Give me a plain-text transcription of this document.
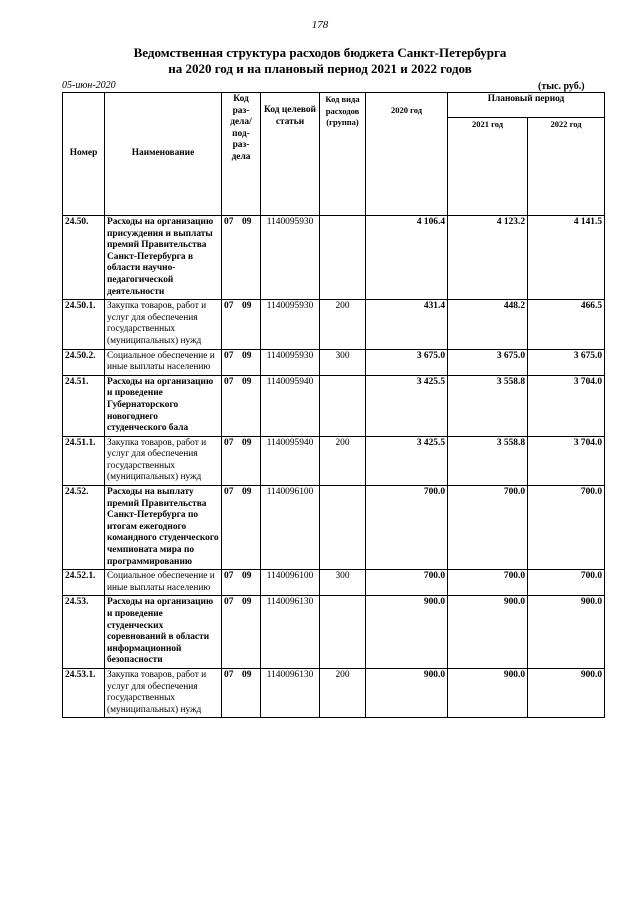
178
Ведомственная структура расходов бюджета Санкт-Петербурга
на 2020 год и на плановый период 2021 и 2022 годов
05-июн-2020	(тыс. руб.)
Номер	Наименование	Код раз- дела/ под- раз- дела	Код целевой статьи	Код вида расходов (группа)	2020 год	Плановый период	
						2021 год	2022 год
24.50.	Расходы на организацию присуждения и выплаты премий Правительства Санкт-Петербурга в области научно-педагогической деятельности	07 09	1140095930		4 106.4	4 123.2	4 141.5
24.50.1.	Закупка товаров, работ и услуг для обеспечения государственных (муниципальных) нужд	07 09	1140095930	200	431.4	448.2	466.5
24.50.2.	Социальное обеспечение и иные выплаты населению	07 09	1140095930	300	3 675.0	3 675.0	3 675.0
24.51.	Расходы на организацию и проведение Губернаторского новогоднего студенческого бала	07 09	1140095940		3 425.5	3 558.8	3 704.0
24.51.1.	Закупка товаров, работ и услуг для обеспечения государственных (муниципальных) нужд	07 09	1140095940	200	3 425.5	3 558.8	3 704.0
24.52.	Расходы на выплату премий Правительства Санкт-Петербурга по итогам ежегодного командного студенческого чемпионата мира по программированию	07 09	1140096100		700.0	700.0	700.0
24.52.1.	Социальное обеспечение и иные выплаты населению	07 09	1140096100	300	700.0	700.0	700.0
24.53.	Расходы на организацию и проведение студенческих соревнований в области информационной безопасности	07 09	1140096130		900.0	900.0	900.0
24.53.1.	Закупка товаров, работ и услуг для обеспечения государственных (муниципальных) нужд	07 09	1140096130	200	900.0	900.0	900.0
